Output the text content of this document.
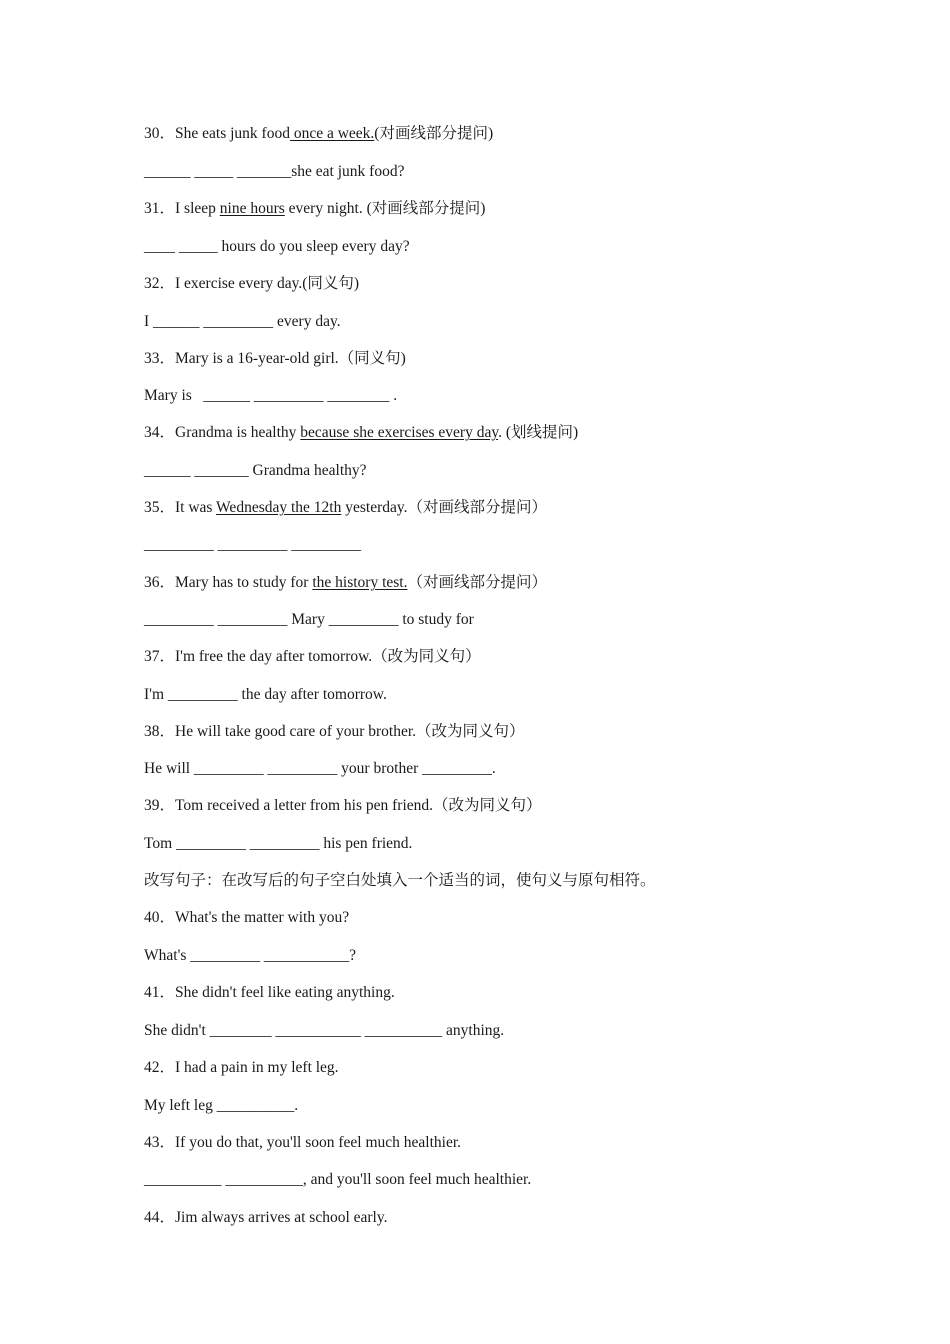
30．She eats junk food once a week.(对画线部分提问)
______ _____ _______she eat junk food?
31．I sleep nine hours every night. (对画线部分提问)
____ _____ hours do you sleep every day?
32．I exercise every day.(同义句)
I ______ _________ every day.
33．Mary is a 16-year-old girl.（同义句)
Mary is   ______ _________ ________ .
34．Grandma is healthy because she exercises every day. (划线提问)
______ _______ Grandma healthy?
35．It was Wednesday the 12th yesterday.（对画线部分提问）
_________ _________ _________
36．Mary has to study for the history test.（对画线部分提问）
_________ _________ Mary _________ to study for
37．I'm free the day after tomorrow.（改为同义句）
I'm _________ the day after tomorrow.
38．He will take good care of your brother.（改为同义句）
He will _________ _________ your brother _________.
39．Tom received a letter from his pen friend.（改为同义句）
Tom _________ _________ his pen friend.
改写句子：在改写后的句子空白处填入一个适当的词，使句义与原句相符。
40．What's the matter with you?
What's _________ ___________?
41．She didn't feel like eating anything.
She didn't ________ ___________ __________ anything.
42．I had a pain in my left leg.
My left leg __________.
43．If you do that, you'll soon feel much healthier.
__________ __________, and you'll soon feel much healthier.
44．Jim always arrives at school early.
